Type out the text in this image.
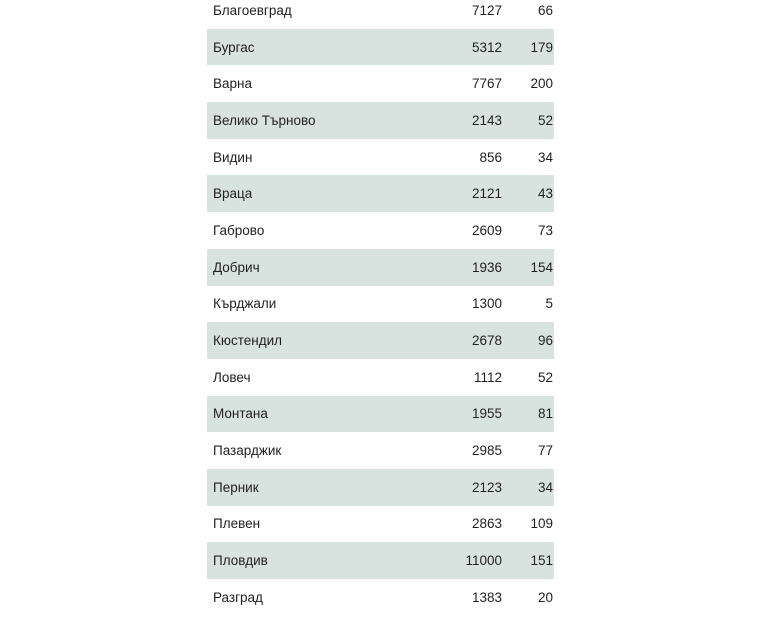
Благоевград	7127	66
Бургас	5312	179
Варна	7767	200
Велико Търново	2143	52
Видин	856	34
Враца	2121	43
Габрово	2609	73
Добрич	1936	154
Кърджали	1300	5
Кюстендил	2678	96
Ловеч	1112	52
Монтана	1955	81
Пазарджик	2985	77
Перник	2123	34
Плевен	2863	109
Пловдив	11000	151
Разград	1383	20
